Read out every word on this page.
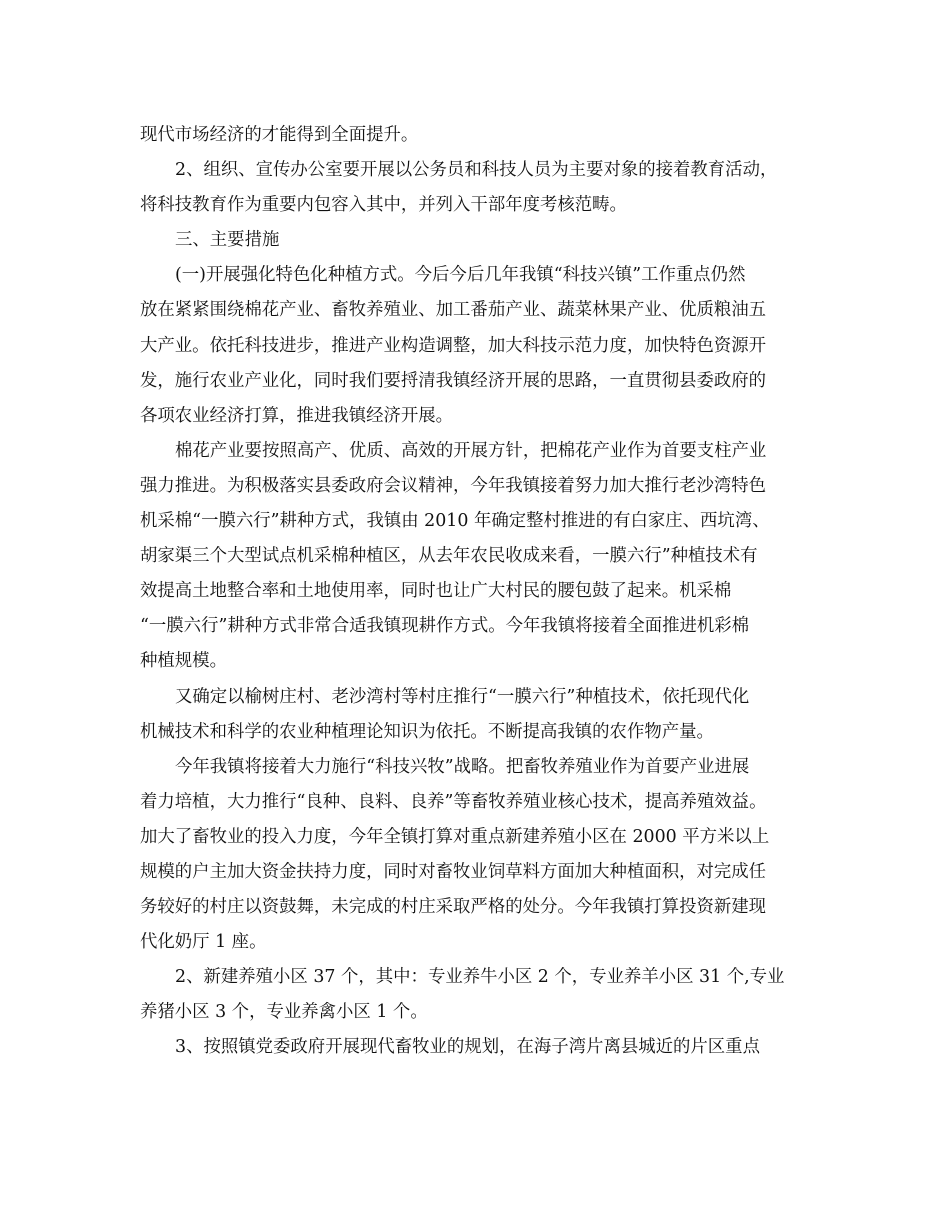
现代市场经济的才能得到全面提升。
2、组织、宣传办公室要开展以公务员和科技人员为主要对象的接着教育活动，
将科技教育作为重要内包容入其中，并列入干部年度考核范畴。
三、主要措施
(一)开展强化特色化种植方式。今后今后几年我镇“科技兴镇”工作重点仍然
放在紧紧围绕棉花产业、畜牧养殖业、加工番茄产业、蔬菜林果产业、优质粮油五
大产业。依托科技进步，推进产业构造调整，加大科技示范力度，加快特色资源开
发，施行农业产业化，同时我们要捋清我镇经济开展的思路，一直贯彻县委政府的
各项农业经济打算，推进我镇经济开展。
棉花产业要按照高产、优质、高效的开展方针，把棉花产业作为首要支柱产业
强力推进。为积极落实县委政府会议精神，今年我镇接着努力加大推行老沙湾特色
机采棉“一膜六行”耕种方式，我镇由 2010 年确定整村推进的有白家庄、西坑湾、
胡家渠三个大型试点机采棉种植区，从去年农民收成来看，一膜六行”种植技术有
效提高土地整合率和土地使用率，同时也让广大村民的腰包鼓了起来。机采棉
“一膜六行”耕种方式非常合适我镇现耕作方式。今年我镇将接着全面推进机彩棉
种植规模。
又确定以榆树庄村、老沙湾村等村庄推行“一膜六行”种植技术，依托现代化
机械技术和科学的农业种植理论知识为依托。不断提高我镇的农作物产量。
今年我镇将接着大力施行“科技兴牧”战略。把畜牧养殖业作为首要产业进展
着力培植，大力推行“良种、良料、良养”等畜牧养殖业核心技术，提高养殖效益。
加大了畜牧业的投入力度，今年全镇打算对重点新建养殖小区在 2000 平方米以上
规模的户主加大资金扶持力度，同时对畜牧业饲草料方面加大种植面积，对完成任
务较好的村庄以资鼓舞，未完成的村庄采取严格的处分。今年我镇打算投资新建现
代化奶厅 1 座。
2、新建养殖小区 37 个，其中：专业养牛小区 2 个，专业养羊小区 31 个,专业
养猪小区 3 个，专业养禽小区 1 个。
3、按照镇党委政府开展现代畜牧业的规划，在海子湾片离县城近的片区重点
